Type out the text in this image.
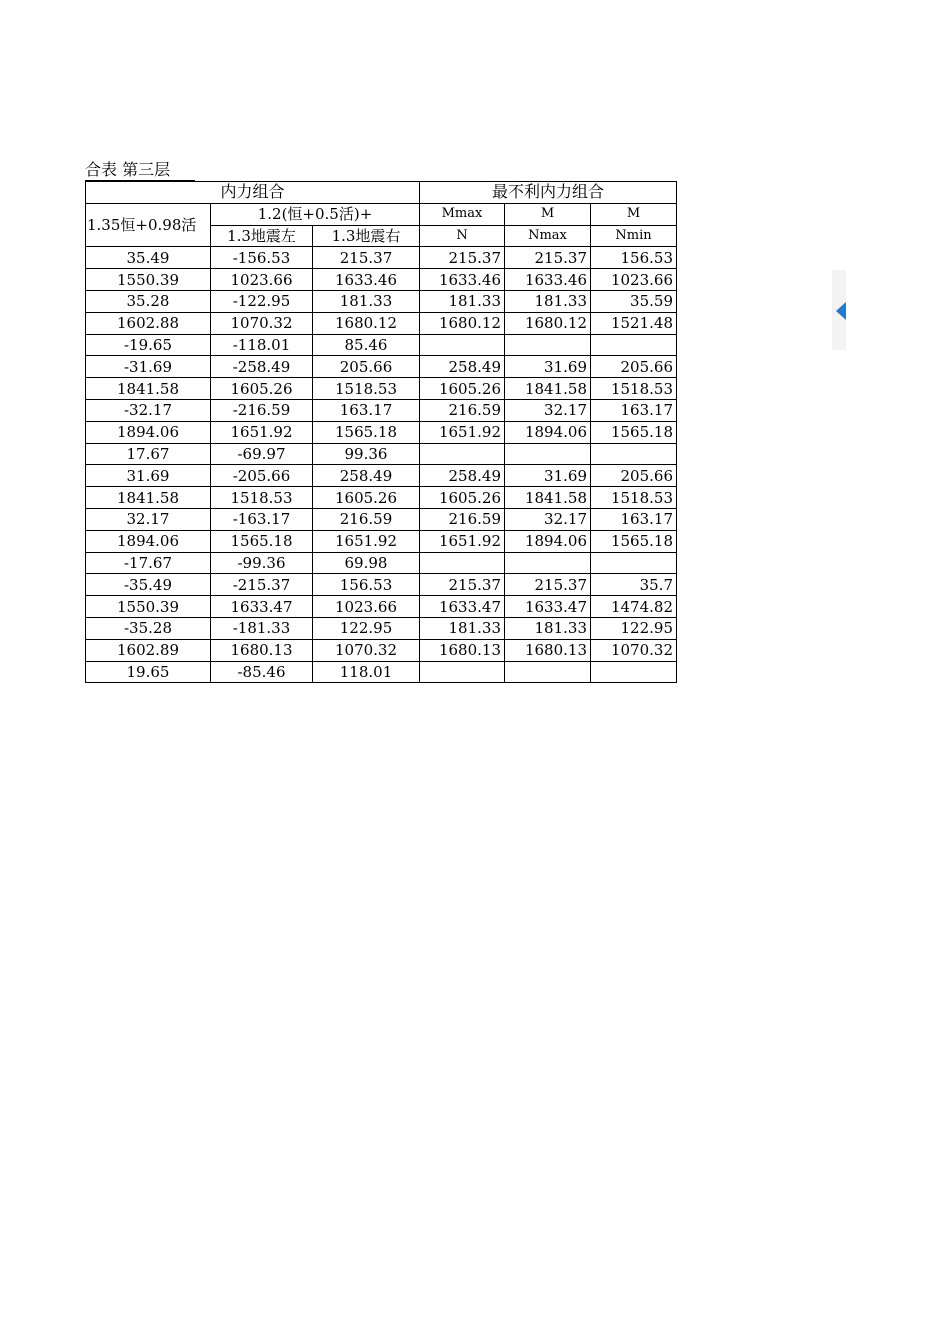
合表 第三层
内力组合			最不利内力组合		
1.35恒+0.98活	1.2(恒+0.5活)+		Mmax	M	M
	1.3地震左	1.3地震右	N	Nmax	Nmin
35.49	-156.53	215.37	215.37	215.37	156.53
1550.39	1023.66	1633.46	1633.46	1633.46	1023.66
35.28	-122.95	181.33	181.33	181.33	35.59
1602.88	1070.32	1680.12	1680.12	1680.12	1521.48
-19.65	-118.01	85.46			
-31.69	-258.49	205.66	258.49	31.69	205.66
1841.58	1605.26	1518.53	1605.26	1841.58	1518.53
-32.17	-216.59	163.17	216.59	32.17	163.17
1894.06	1651.92	1565.18	1651.92	1894.06	1565.18
17.67	-69.97	99.36			
31.69	-205.66	258.49	258.49	31.69	205.66
1841.58	1518.53	1605.26	1605.26	1841.58	1518.53
32.17	-163.17	216.59	216.59	32.17	163.17
1894.06	1565.18	1651.92	1651.92	1894.06	1565.18
-17.67	-99.36	69.98			
-35.49	-215.37	156.53	215.37	215.37	35.7
1550.39	1633.47	1023.66	1633.47	1633.47	1474.82
-35.28	-181.33	122.95	181.33	181.33	122.95
1602.89	1680.13	1070.32	1680.13	1680.13	1070.32
19.65	-85.46	118.01			
